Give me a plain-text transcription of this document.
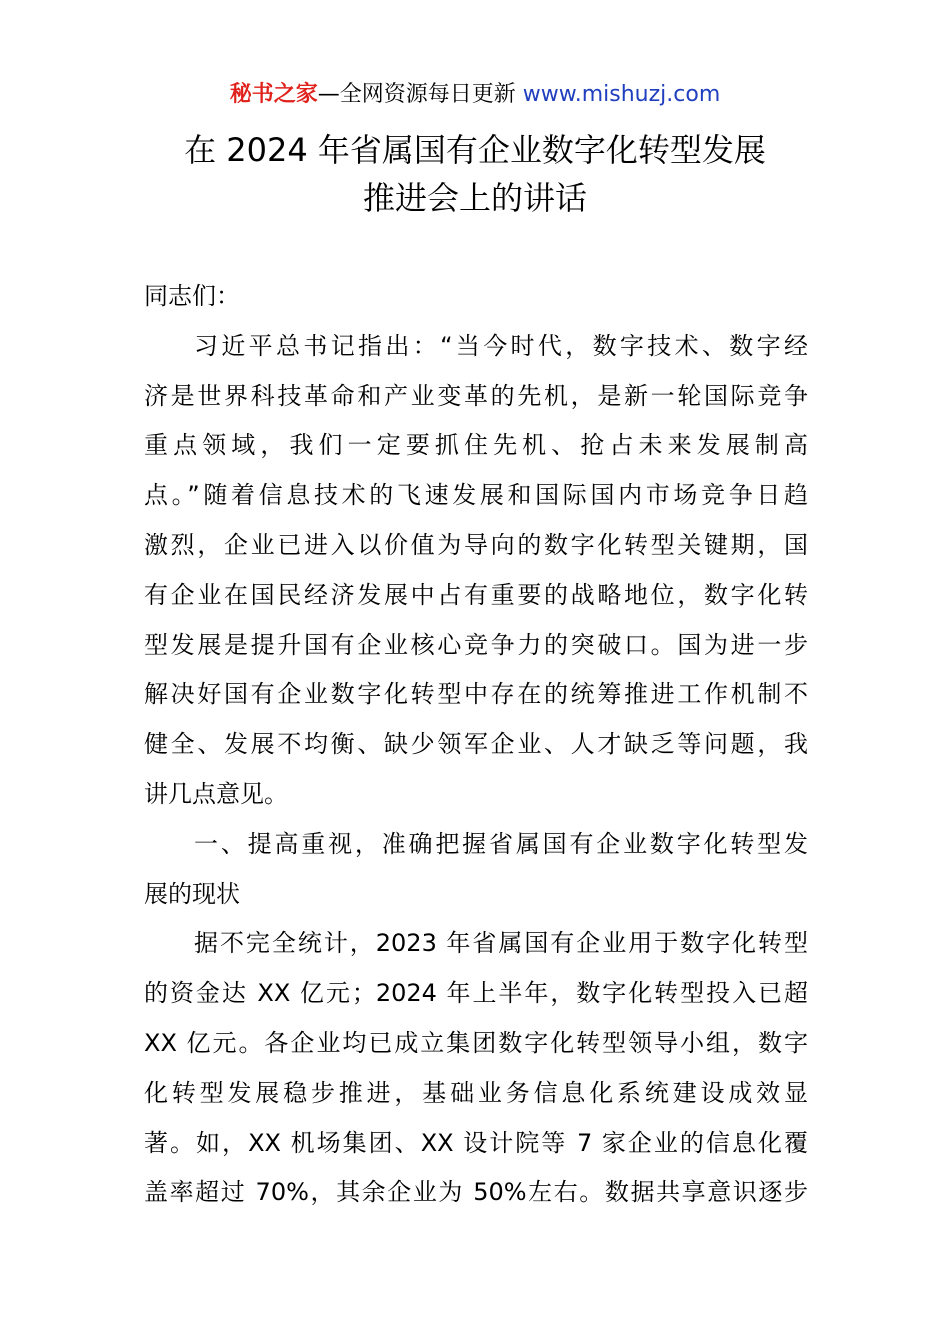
秘书之家—全网资源每日更新 www.mishuzj.com
在 2024 年省属国有企业数字化转型发展
推进会上的讲话
同志们：
习近平总书记指出：“当今时代，数字技术、数字经
济是世界科技革命和产业变革的先机，是新一轮国际竞争
重点领域，我们一定要抓住先机、抢占未来发展制高
点。”随着信息技术的飞速发展和国际国内市场竞争日趋
激烈，企业已进入以价值为导向的数字化转型关键期，国
有企业在国民经济发展中占有重要的战略地位，数字化转
型发展是提升国有企业核心竞争力的突破口。国为进一步
解决好国有企业数字化转型中存在的统筹推进工作机制不
健全、发展不均衡、缺少领军企业、人才缺乏等问题，我
讲几点意见。
一、提高重视，准确把握省属国有企业数字化转型发
展的现状
据不完全统计，2023 年省属国有企业用于数字化转型
的资金达 XX 亿元；2024 年上半年，数字化转型投入已超
XX 亿元。各企业均已成立集团数字化转型领导小组，数字
化转型发展稳步推进，基础业务信息化系统建设成效显
著。如，XX 机场集团、XX 设计院等 7 家企业的信息化覆
盖率超过 70%，其余企业为 50%左右。数据共享意识逐步
